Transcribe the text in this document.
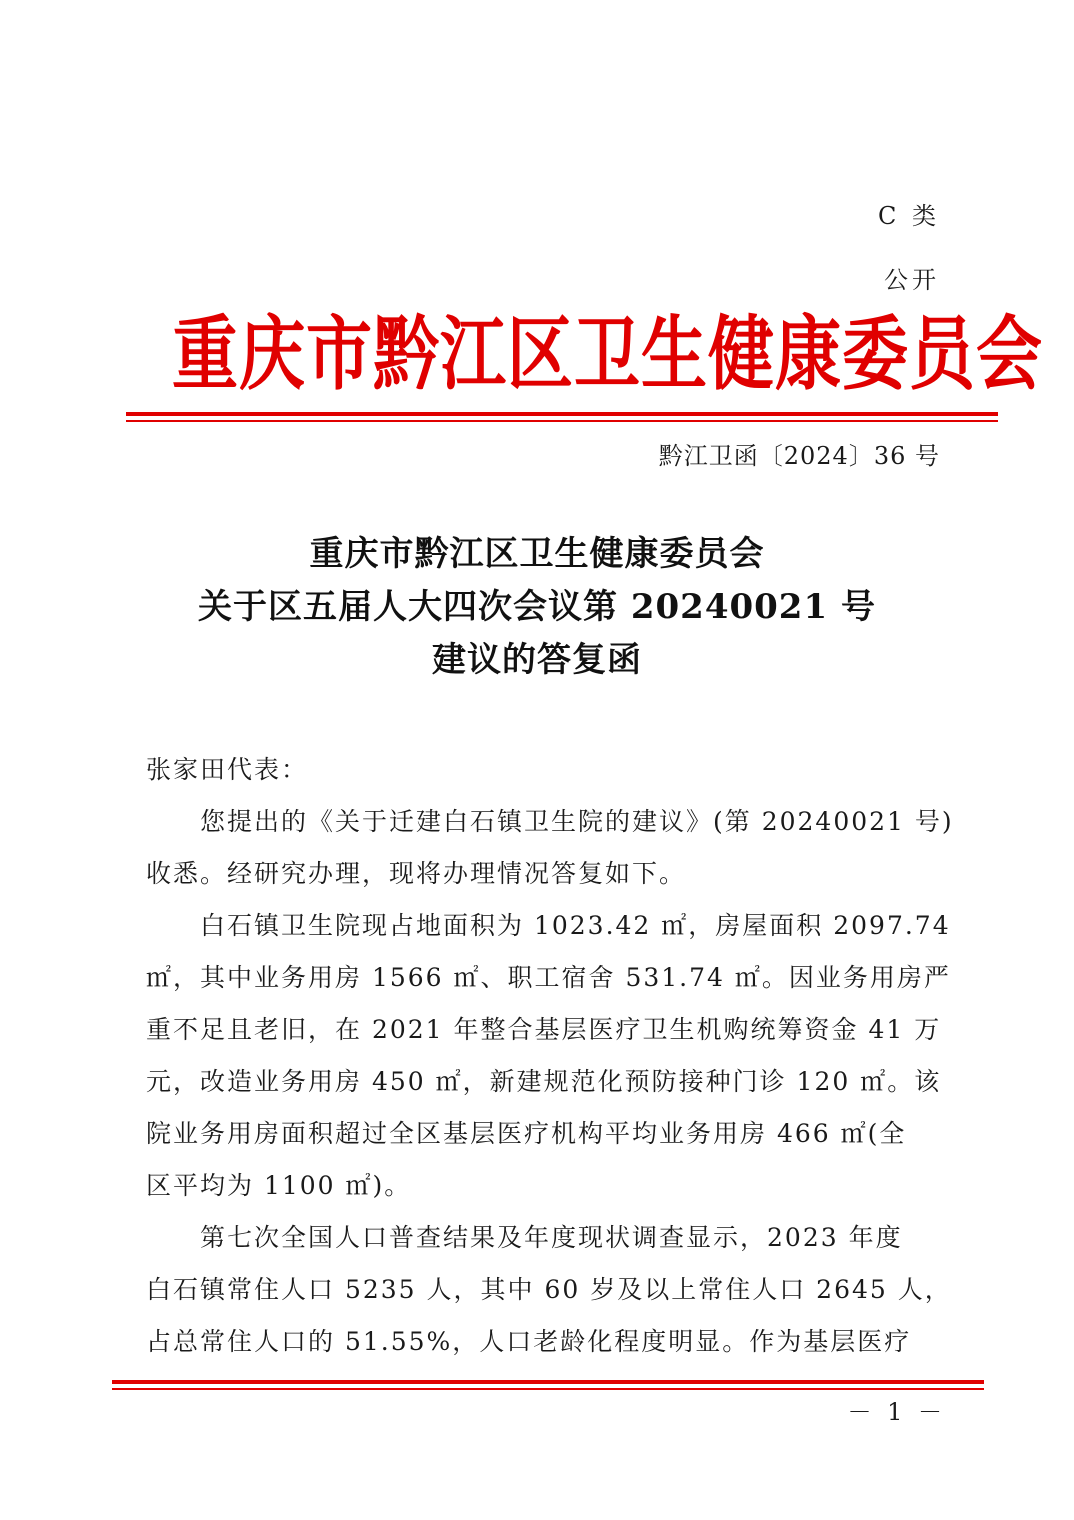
C 类
公开
重庆市黔江区卫生健康委员会
黔江卫函〔2024〕36 号
重庆市黔江区卫生健康委员会
关于区五届人大四次会议第 20240021 号
建议的答复函
张家田代表：
　　您提出的《关于迁建白石镇卫生院的建议》(第 20240021 号)
收悉。经研究办理，现将办理情况答复如下。
　　白石镇卫生院现占地面积为 1023.42 ㎡，房屋面积 2097.74
㎡，其中业务用房 1566 ㎡、职工宿舍 531.74 ㎡。因业务用房严
重不足且老旧，在 2021 年整合基层医疗卫生机购统筹资金 41 万
元，改造业务用房 450 ㎡，新建规范化预防接种门诊 120 ㎡。该
院业务用房面积超过全区基层医疗机构平均业务用房 466 ㎡(全
区平均为 1100 ㎡)。
　　第七次全国人口普查结果及年度现状调查显示，2023 年度
白石镇常住人口 5235 人，其中 60 岁及以上常住人口 2645 人，
占总常住人口的 51.55%，人口老龄化程度明显。作为基层医疗
－ 1 －
